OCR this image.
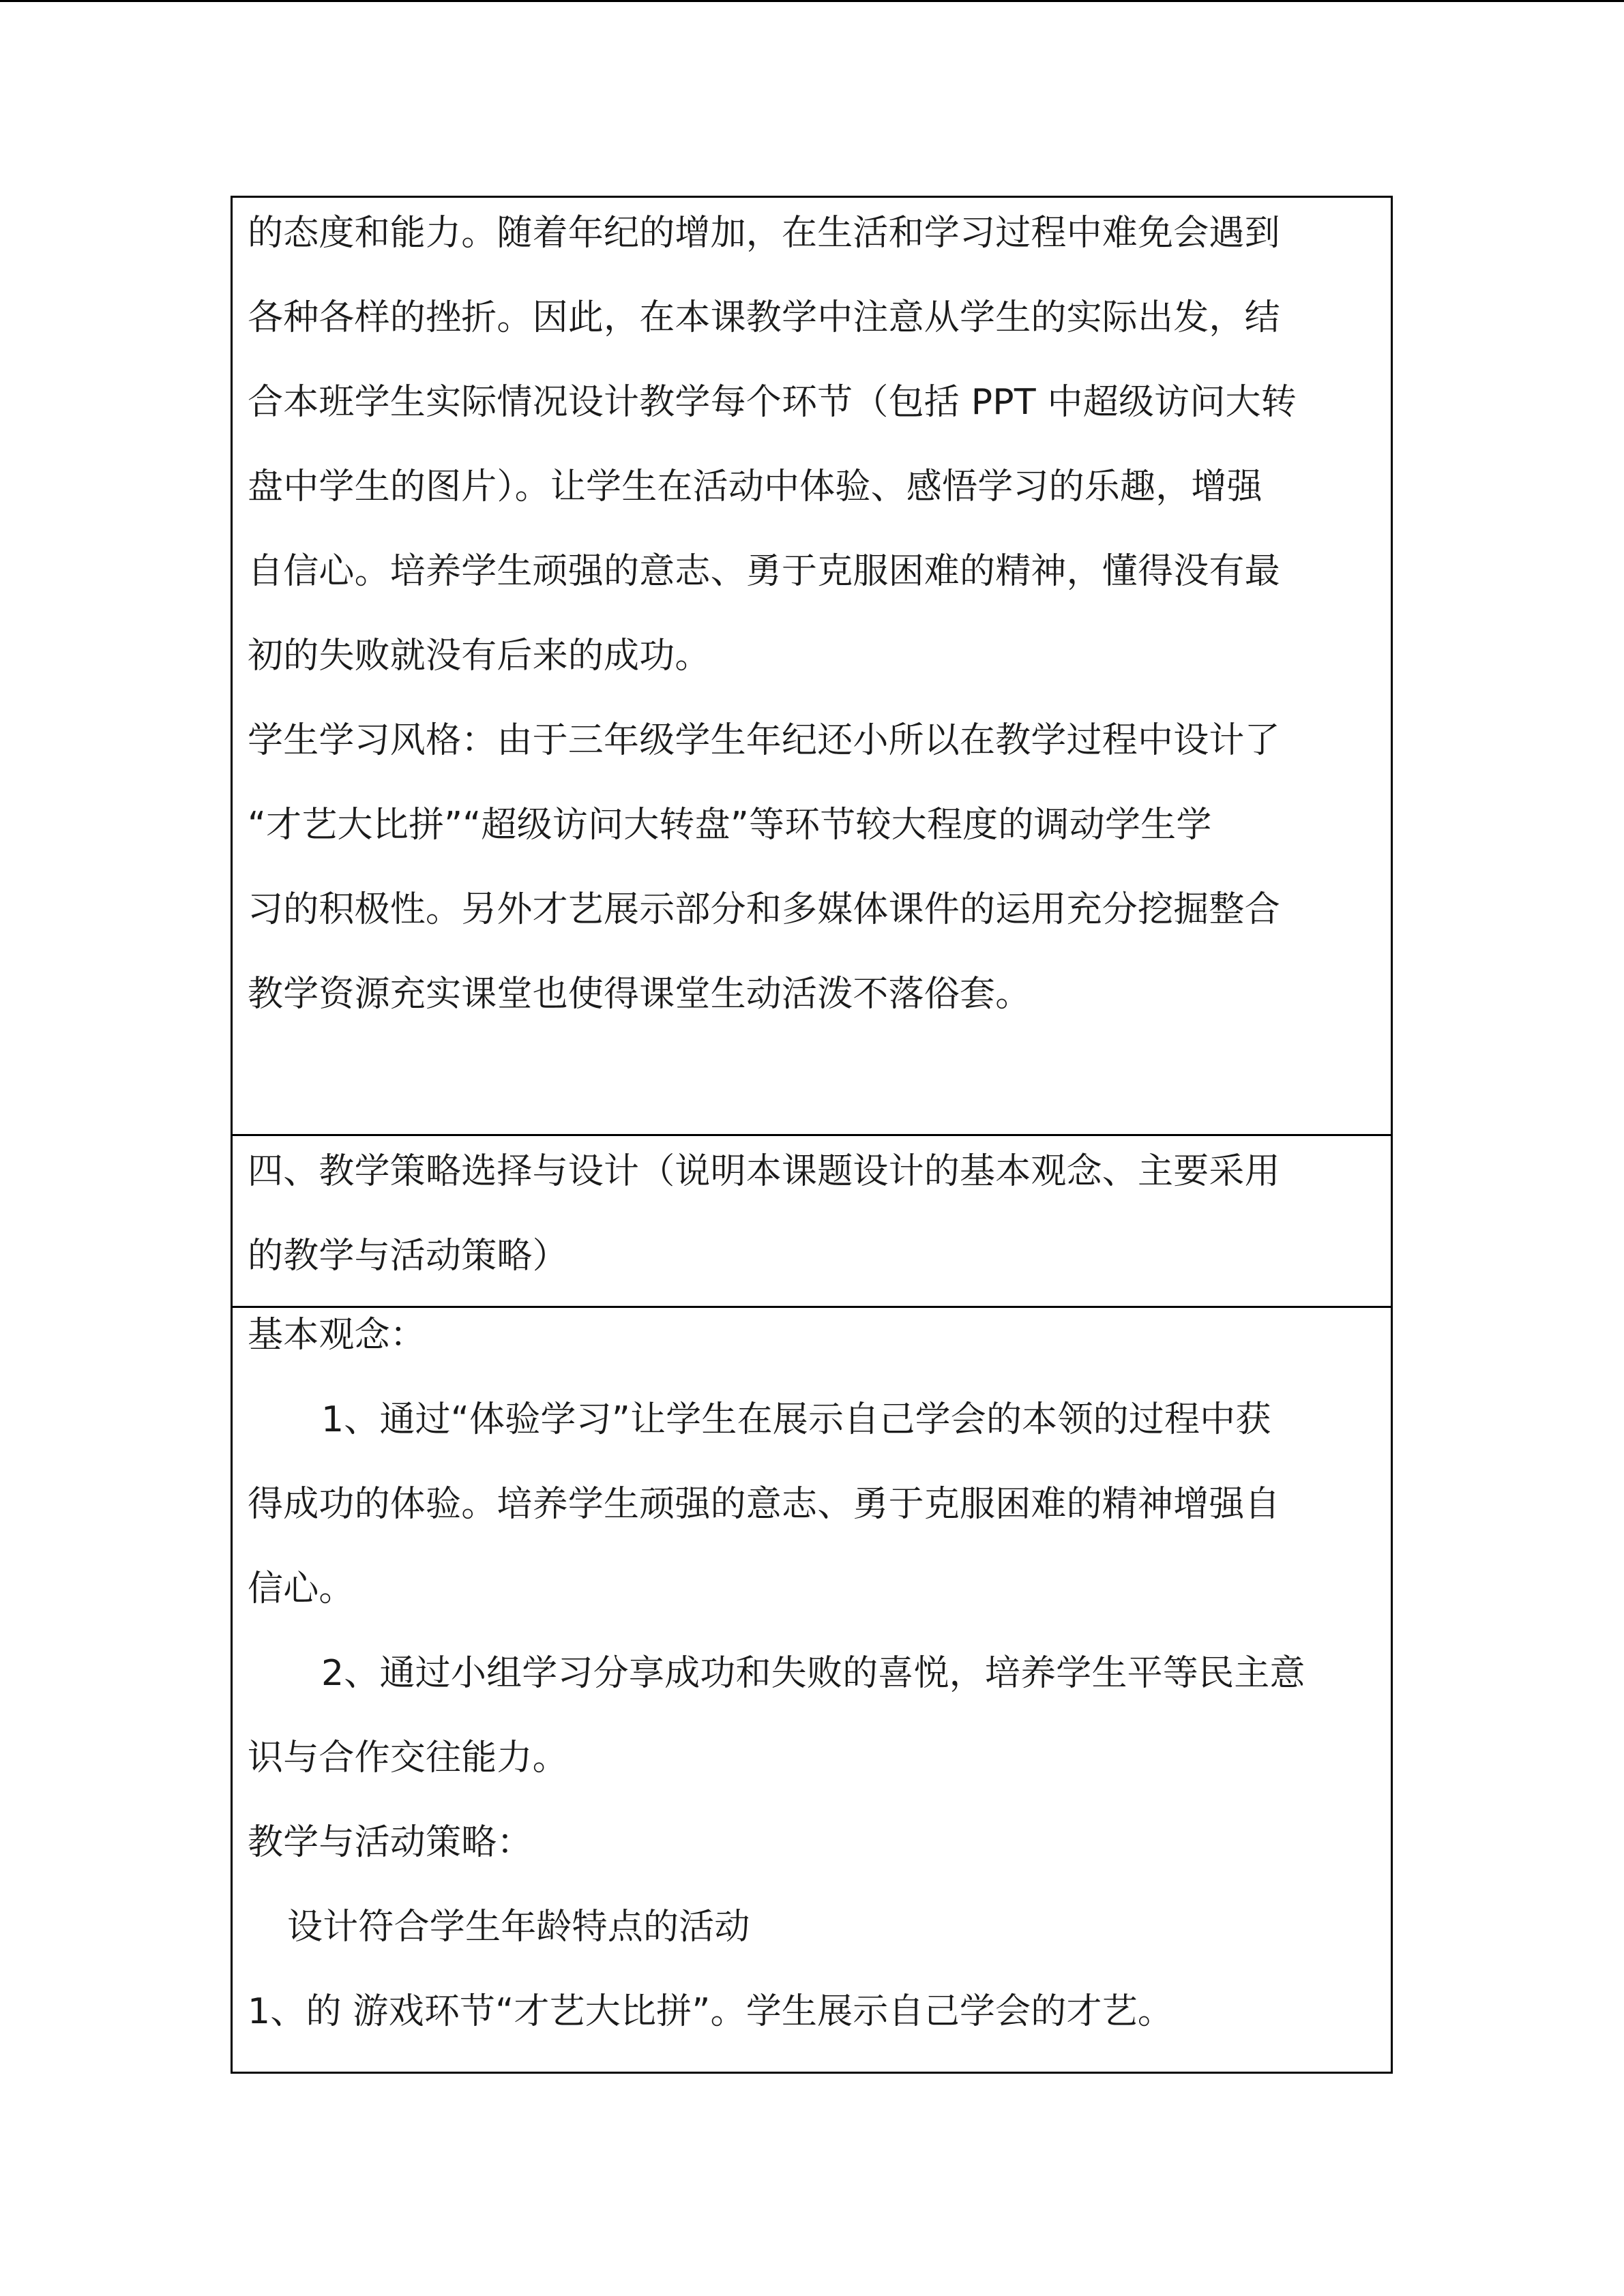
的态度和能力。随着年纪的增加，在生活和学习过程中难免会遇到
各种各样的挫折。因此，在本课教学中注意从学生的实际出发，结
合本班学生实际情况设计教学每个环节（包括 PPT 中超级访问大转
盘中学生的图片）。让学生在活动中体验、感悟学习的乐趣，增强
自信心。培养学生顽强的意志、勇于克服困难的精神，懂得没有最
初的失败就没有后来的成功。
学生学习风格：由于三年级学生年纪还小所以在教学过程中设计了
“才艺大比拼”“超级访问大转盘”等环节较大程度的调动学生学
习的积极性。另外才艺展示部分和多媒体课件的运用充分挖掘整合
教学资源充实课堂也使得课堂生动活泼不落俗套。
四、教学策略选择与设计（说明本课题设计的基本观念、主要采用
的教学与活动策略）
基本观念：
1、通过“体验学习”让学生在展示自己学会的本领的过程中获
得成功的体验。培养学生顽强的意志、勇于克服困难的精神增强自
信心。
2、通过小组学习分享成功和失败的喜悦，培养学生平等民主意
识与合作交往能力。
教学与活动策略：
设计符合学生年龄特点的活动
1、的 游戏环节“才艺大比拼”。学生展示自己学会的才艺。
